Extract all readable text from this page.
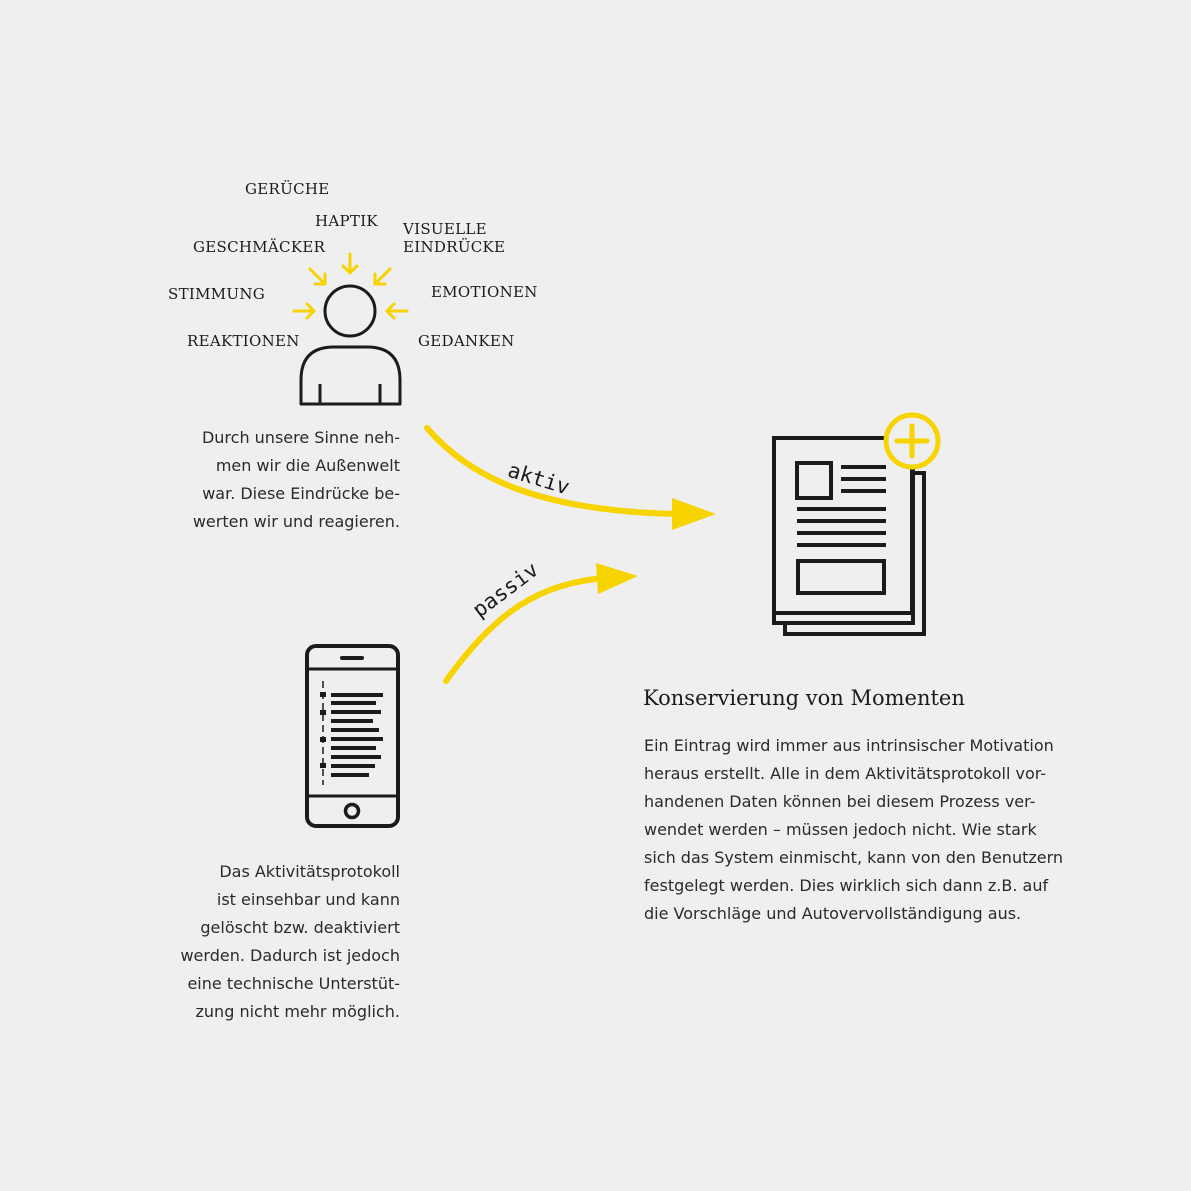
GERÜCHE
HAPTIK VISUELLE
EINDRÜCKE
GESCHMÄCKER
STIMMUNG	EMOTIONEN
REAKTIONEN	GEDANKEN
aktiv
passiv
Durch unsere Sinne neh-
men wir die Außenwelt
war. Diese Eindrücke be-
werten wir und reagieren.
Das Aktivitätsprotokoll
ist einsehbar und kann
gelöscht bzw. deaktiviert
werden. Dadurch ist jedoch
eine technische Unterstüt-
zung nicht mehr möglich.
Konservierung von Momenten
Ein Eintrag wird immer aus intrinsischer Motivation
heraus erstellt. Alle in dem Aktivitätsprotokoll vor-
handenen Daten können bei diesem Prozess ver-
wendet werden – müssen jedoch nicht. Wie stark
sich das System einmischt, kann von den Benutzern
festgelegt werden. Dies wirklich sich dann z.B. auf
die Vorschläge und Autovervollständigung aus.
